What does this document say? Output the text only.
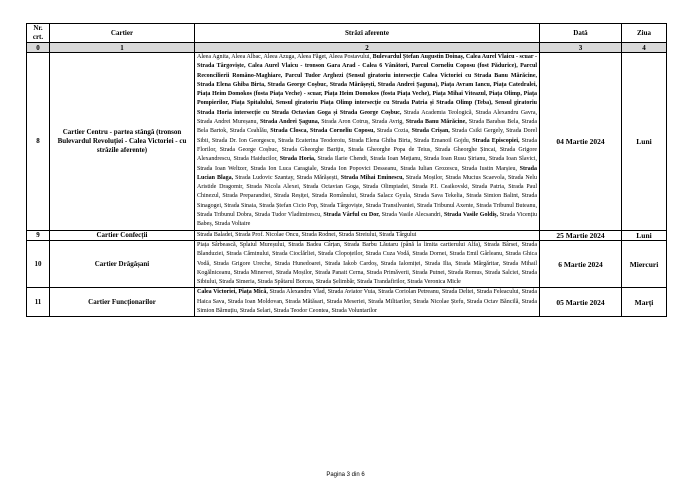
Nr. crt.	Cartier	Străzi aferente	Dată	Ziua
0	1	2	3	4
8	Cartier Centru - partea stângă (tronson Bulevardul Revoluției - Calea Victoriei - cu străzile aferente)	Aleea Agnita, Aleea Albac, Aleea Azuga, Aleea Făget, Aleea Postavului, Bulevardul Ștefan Augustin Doinaș, Calea Aurel Vlaicu - scuar - Strada Târgoviște, Calea Aurel Vlaicu - tronson Gara Arad - Calea 6 Vânători, Parcul Corneliu Coposu (fost Pădurice), Parcul Reconcilierii Româno-Maghiare, Parcul Tudor Arghezi (Sensul giratoriu intersecție Calea Victoriei cu Strada Banu Mărăcine, Strada Elena Ghiba Birta, Strada George Coșbuc, Strada Mărășești, Strada Andrei Șaguna), Piața Avram Iancu, Piața Catedralei, Piața Heim Domokos (fosta Piața Veche) - scuar, Piața Heim Domokos (fosta Piața Veche), Piața Mihai Viteazul, Piața Olimp, Piața Pompierilor, Piața Spitalului, Sensul giratoriu Piața Olimp intersecție cu Strada Patria și Strada Olimp (Teba), Sensul giratoriu Strada Horia intersecție cu Strada Octavian Goga și Strada George Coșbuc, Strada Academia Teologică, Strada Alexandru Gavra, Strada Andrei Mureșanu, Strada Andrei Șaguna, Strada Aron Cotruș, Strada Avrig, Strada Banu Mărăcine, Strada Barabas Bela, Strada Bela Bartok, Strada Ceahlău, Strada Closca, Strada Corneliu Coposu, Strada Cozia, Strada Crișan, Strada Csiki Gergely, Strada Dorel Sibii, Strada Dr. Ion Georgescu, Strada Ecaterina Teodoroiu, Strada Elena Ghiba Birta, Strada Emanoil Gojdu, Strada Episcopiei, Strada Florilor, Strada George Coșbuc, Strada Gheorghe Barițiu, Strada Gheorghe Popa de Teius, Strada Gheorghe Șincai, Strada Grigore Alexandrescu, Strada Haiducilor, Strada Horia, Strada Ilarie Chendi, Strada Ioan Mețianu, Strada Ioan Rusu Șirianu, Strada Ioan Slavici, Strada Ioan Weltzer, Strada Ion Luca Caragiale, Strada Ion Popovici Desseanu, Strada Iulian Grozescu, Strada Iustin Marșieu, Strada Lucian Blaga, Strada Ludovic Szantay, Strada Mărășești, Strada Mihai Eminescu, Strada Moșilor, Strada Mucius Scaevola, Strada Nelu Aristide Dragomir, Strada Nicola Alexei, Strada Octavian Goga, Strada Olimpiadei, Strada P.I. Ceaikovski, Strada Patria, Strada Paul Chinezul, Strada Preparandiei, Strada Reșiței, Strada Românului, Strada Salacz Gyula, Strada Sava Tekelia, Strada Simion Balint, Strada Sinagogei, Strada Sinaia, Strada Ștefan Cicio Pop, Strada Târgoviște, Strada Transilvaniei, Strada Tribunul Axente, Strada Tribunul Buteanu, Strada Tribunul Dobra, Strada Tudor Vladimirescu, Strada Vârful cu Dor, Strada Vasile Alecsandri, Strada Vasile Goldiș, Strada Vicențiu Babeș, Strada Voltaire	04 Martie 2024	Luni
9	Cartier Confecții	Strada Baladei, Strada Prof. Nicolae Oncu, Strada Rodnei, Strada Streiului, Strada Târgului	25 Martie 2024	Luni
10	Cartier Drăgășani	Piața Sârbească, Splaiul Mureșului, Strada Badea Cârțan, Strada Barbu Lăutaru (până la limita cartierului Alfa), Strada Bârsei, Strada Blanduziei, Strada Căminului, Strada Cioclărliei, Strada Clopoțeilor, Strada Cuza Vodă, Strada Dornei, Strada Emil Gârleanu, Strada Ghica Vodă, Strada Grigore Ureche, Strada Hunedoarei, Strada Iakob Cardoș, Strada Ialomiței, Strada Ilia, Strada Mărgăritar, Strada Mihail Kogălniceanu, Strada Minervei, Strada Moșilor, Strada Panait Cerna, Strada Primăverii, Strada Putnei, Strada Remus, Strada Salciei, Strada Sibiului, Strada Simeria, Strada Spătarul Borcea, Strada Șelimbăr, Strada Trandafirilor, Strada Veronica Micle	6 Martie 2024	Miercuri
11	Cartier Funcționarilor	Calea Victoriei, Piața Mică, Strada Alexandru Vlad, Strada Aviator Vuia, Strada Coriolan Petreanu, Strada Deltei, Strada Feleacului, Strada Haica Sava, Strada Ioan Moldovan, Strada Mătăsari, Strada Meseriei, Strada Militarilor, Strada Nicolae Ștefu, Strada Octav Băncilă, Strada Simion Bărnuțiu, Strada Selari, Strada Teodor Ceontea, Strada Voluntarilor	05 Martie 2024	Marți
Pagina 3 din 6
